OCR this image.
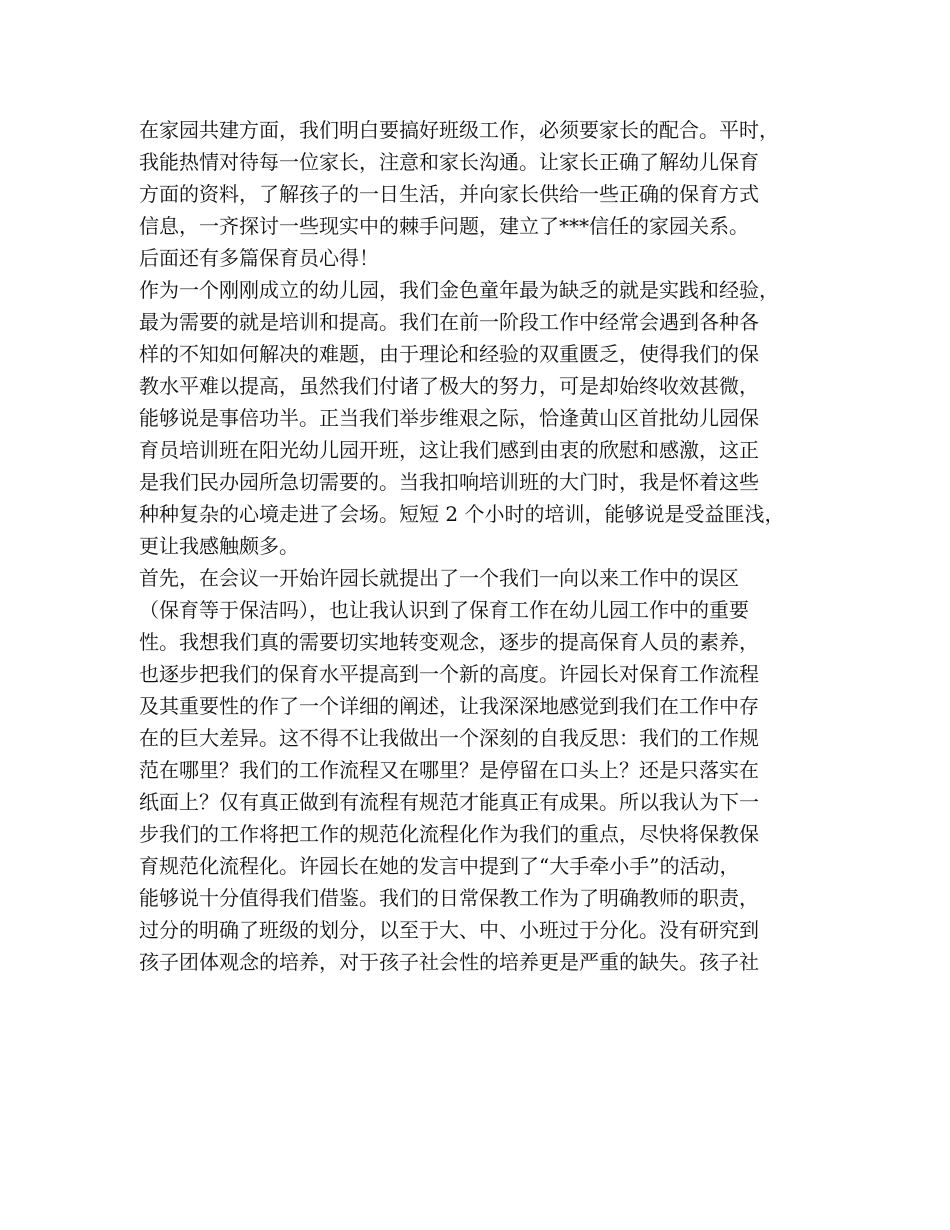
在家园共建方面，我们明白要搞好班级工作，必须要家长的配合。平时，
我能热情对待每一位家长，注意和家长沟通。让家长正确了解幼儿保育
方面的资料，了解孩子的一日生活，并向家长供给一些正确的保育方式
信息，一齐探讨一些现实中的棘手问题，建立了***信任的家园关系。
后面还有多篇保育员心得！
作为一个刚刚成立的幼儿园，我们金色童年最为缺乏的就是实践和经验，
最为需要的就是培训和提高。我们在前一阶段工作中经常会遇到各种各
样的不知如何解决的难题，由于理论和经验的双重匮乏，使得我们的保
教水平难以提高，虽然我们付诸了极大的努力，可是却始终收效甚微，
能够说是事倍功半。正当我们举步维艰之际，恰逢黄山区首批幼儿园保
育员培训班在阳光幼儿园开班，这让我们感到由衷的欣慰和感激，这正
是我们民办园所急切需要的。当我扣响培训班的大门时，我是怀着这些
种种复杂的心境走进了会场。短短 2 个小时的培训，能够说是受益匪浅，
更让我感触颇多。
首先，在会议一开始许园长就提出了一个我们一向以来工作中的误区
（保育等于保洁吗），也让我认识到了保育工作在幼儿园工作中的重要
性。我想我们真的需要切实地转变观念，逐步的提高保育人员的素养，
也逐步把我们的保育水平提高到一个新的高度。许园长对保育工作流程
及其重要性的作了一个详细的阐述，让我深深地感觉到我们在工作中存
在的巨大差异。这不得不让我做出一个深刻的自我反思：我们的工作规
范在哪里？我们的工作流程又在哪里？是停留在口头上？还是只落实在
纸面上？仅有真正做到有流程有规范才能真正有成果。所以我认为下一
步我们的工作将把工作的规范化流程化作为我们的重点，尽快将保教保
育规范化流程化。许园长在她的发言中提到了“大手牵小手”的活动，
能够说十分值得我们借鉴。我们的日常保教工作为了明确教师的职责，
过分的明确了班级的划分，以至于大、中、小班过于分化。没有研究到
孩子团体观念的培养，对于孩子社会性的培养更是严重的缺失。孩子社
